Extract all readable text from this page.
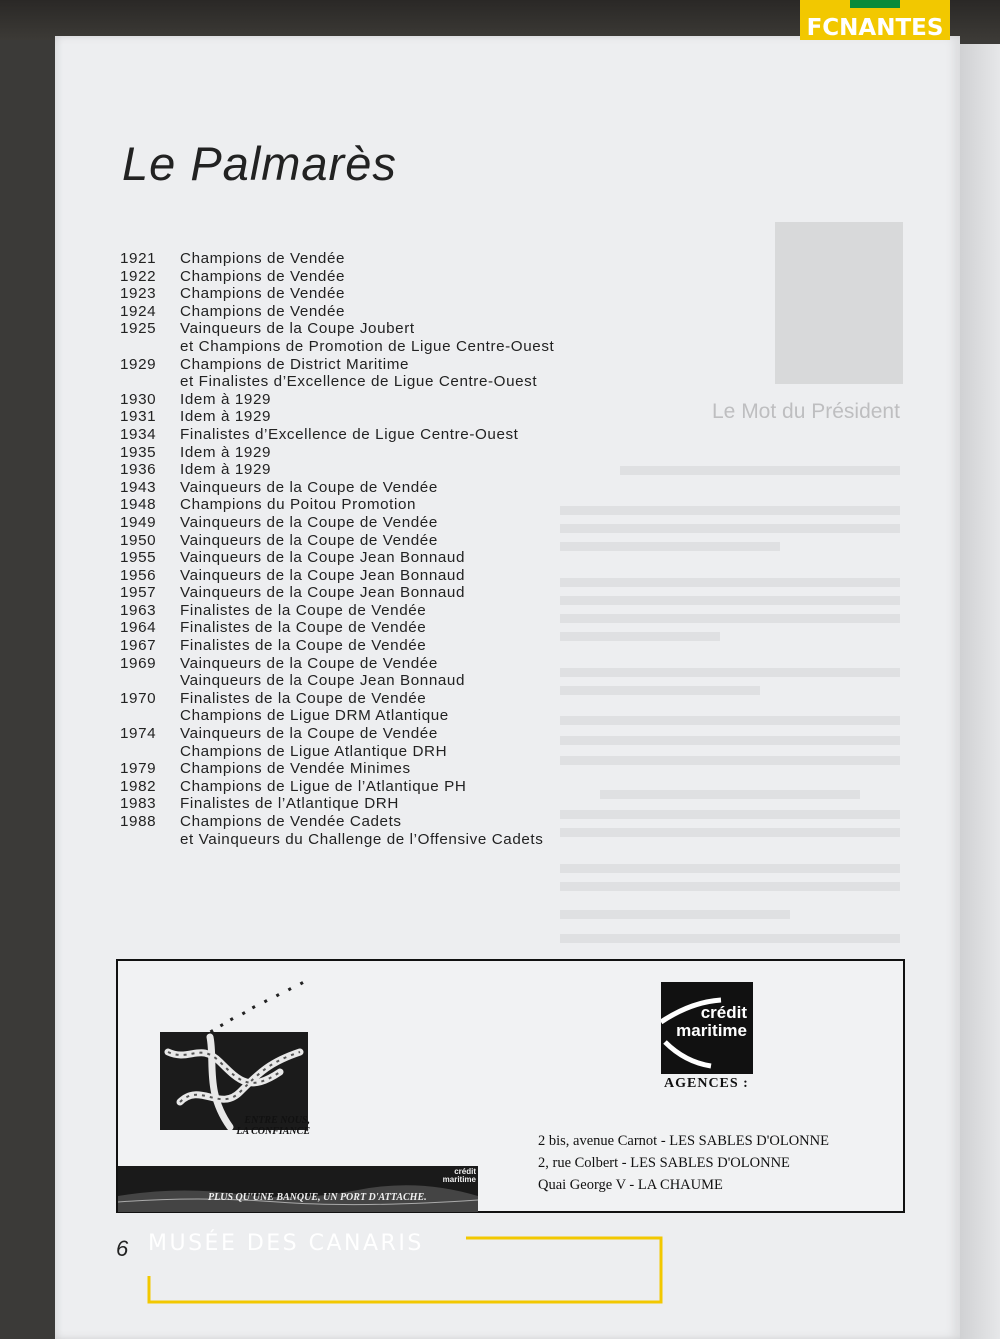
Le Mot du Président
Le Palmarès
1921	Champions de Vendée
1922	Champions de Vendée
1923	Champions de Vendée
1924	Champions de Vendée
1925	Vainqueurs de la Coupe Joubert
et Champions de Promotion de Ligue Centre-Ouest
1929	Champions de District Maritime
et Finalistes d’Excellence de Ligue Centre-Ouest
1930	Idem à 1929
1931	Idem à 1929
1934	Finalistes d’Excellence de Ligue Centre-Ouest
1935	Idem à 1929
1936	Idem à 1929
1943	Vainqueurs de la Coupe de Vendée
1948	Champions du Poitou Promotion
1949	Vainqueurs de la Coupe de Vendée
1950	Vainqueurs de la Coupe de Vendée
1955	Vainqueurs de la Coupe Jean Bonnaud
1956	Vainqueurs de la Coupe Jean Bonnaud
1957	Vainqueurs de la Coupe Jean Bonnaud
1963	Finalistes de la Coupe de Vendée
1964	Finalistes de la Coupe de Vendée
1967	Finalistes de la Coupe de Vendée
1969	Vainqueurs de la Coupe de Vendée
Vainqueurs de la Coupe Jean Bonnaud
1970	Finalistes de la Coupe de Vendée
Champions de Ligue DRM Atlantique
1974	Vainqueurs de la Coupe de Vendée
Champions de Ligue Atlantique DRH
1979	Champions de Vendée Minimes
1982	Champions de Ligue de l’Atlantique PH
1983	Finalistes de l’Atlantique DRH
1988	Champions de Vendée Cadets
et Vainqueurs du Challenge de l’Offensive Cadets
ENTRE NOUS,
LA CONFIANCE
PLUS QU'UNE BANQUE, UN PORT D'ATTACHE.
crédit
maritime
crédit
maritime
AGENCES :
2 bis, avenue Carnot - LES SABLES D'OLONNE
2, rue Colbert - LES SABLES D'OLONNE
Quai George V - LA CHAUME
6 MUSÉE DES CANARIS
FCNANTES
